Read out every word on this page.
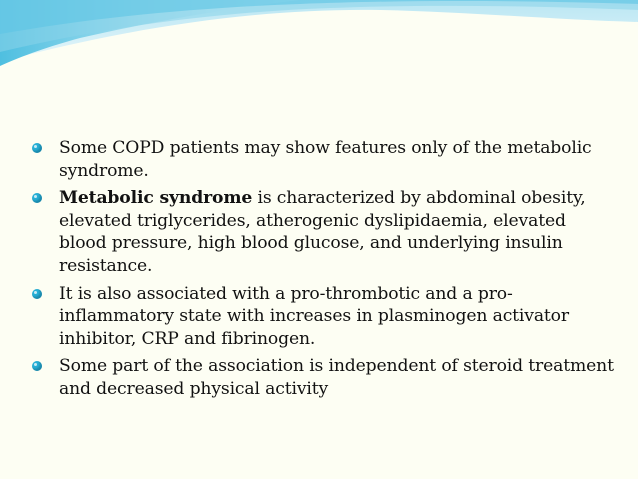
Some COPD patients may show features only of the metabolic syndrome.
Metabolic syndrome is characterized by abdominal obesity, elevated triglycerides, atherogenic dyslipidaemia, elevated blood pressure, high blood glucose, and underlying insulin resistance.
It is also associated with a pro-thrombotic and a pro-inflammatory state with increases in plasminogen activator inhibitor, CRP and fibrinogen.
Some part of the association is independent of steroid treatment and decreased physical activity
